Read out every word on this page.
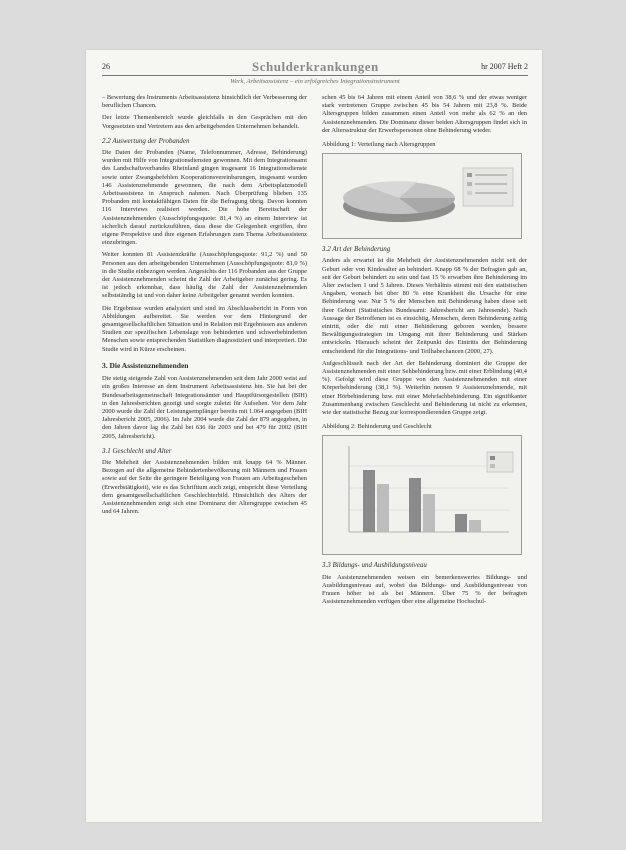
26	Schulderkrankungen	hr 2007 Heft 2
Werk, Arbeitsassistenz – ein erfolgreiches Integrationsinstrument

– Bewertung des Instruments Arbeitsassistenz hinsichtlich der Verbesserung der beruflichen Chancen.

Der letzte Themenbereich wurde gleichfalls in den Gesprächen mit den Vorgesetzten und Vertretern aus den arbeitgebenden Unternehmen behandelt.

2.2 Auswertung der Probanden

Die Daten der Probanden (Name, Telefonnummer, Adresse, Behinderung) wurden mit Hilfe von Integrationsdiensten gewonnen. Mit dem Integrationsamt des Landschaftsverbandes Rheinland gingen insgesamt 16 Integrationsdienste sowie unter Zwangsbefehlen Kooperationsvereinbarungen, insgesamt wurden 146 Assistenznehmende gewonnen, die nach dem Arbeitsplatzmodell Arbeitsassistenz in Anspruch nahmen. Nach Überprüfung blieben 135 Probanden mit kontaktfähigen Daten für die Befragung übrig. Davon konnten 116 Interviews realisiert werden. Die hohe Bereitschaft der Assistenznehmenden (Ausschöpfungsquote: 81,4 %) an einem Interview ist sicherlich darauf zurückzuführen, dass diese die Gelegenheit ergriffen, ihre eigene Perspektive und ihre eigenen Erfahrungen zum Thema Arbeitsassistenz einzubringen.

Weiter konnten 81 Assistenzkräfte (Ausschöpfungsquote: 91,2 %) und 50 Personen aus den arbeitgebenden Unternehmen (Ausschöpfungsquote: 81,0 %) in die Studie einbezogen werden. Angesichts der 116 Probanden aus der Gruppe der Assistenznehmenden scheint die Zahl der Arbeitgeber zunächst gering. Es ist jedoch erkennbar, dass häufig die Zahl der Assistenznehmenden selbstständig ist und von daher keine Arbeitgeber genannt werden konnten.

Die Ergebnisse wurden analysiert und sind im Abschlussbericht in Form von Abbildungen aufbereitet. Sie werden vor dem Hintergrund der gesamtgesellschaftlichen Situation und in Relation mit Ergebnissen aus anderen Studien zur spezifischen Lebenslage von behinderten und schwerbehinderten Menschen sowie entsprechenden Statistiken diagnostiziert und interpretiert. Die Studie wird in Kürze erscheinen.

3. Die Assistenznehmenden

Die stetig steigende Zahl von Assistenznehmenden seit dem Jahr 2000 weist auf ein großes Interesse an dem Instrument Arbeitsassistenz hin. Sie hat bei der Bundesarbeitsgemeinschaft Integrationsämter und Hauptfürsorgestellen (BIH) in den Jahresberichten gezeigt und sorgte zuletzt für Aufsehen. Vor dem Jahr 2000 wurde die Zahl der Leistungsempfänger bereits mit 1.064 angegeben (BIH Jahresbericht 2005, 2006). Im Jahr 2004 wurde die Zahl der 879 angegeben, in den Jahren davor lag die Zahl bei 636 für 2003 und bei 479 für 2002 (BIH 2005, Jahresbericht).

3.1 Geschlecht und Alter

Die Mehrheit der Assistenznehmenden bilden mit knapp 64 % Männer. Bezogen auf die allgemeine Behindertenbevölkerung mit Männern und Frauen sowie auf der Seite die geringere Beteiligung von Frauen am Arbeitsgeschehen (Erwerbstätigkeit), wie es das Schrifttum auch zeigt, entspricht diese Verteilung dem gesamtgesellschaftlichen Geschlechterbild. Hinsichtlich des Alters der Assistenznehmenden zeigt sich eine Dominanz der Altersgruppe zwischen 45 und 64 Jahren.

schen 45 bis 64 Jahren mit einem Anteil von 38,6 % und der etwas weniger stark vertretenen Gruppe zwischen 45 bis 54 Jahren mit 23,8 %. Beide Altersgruppen bilden zusammen einen Anteil von mehr als 62 % an den Assistenznehmenden. Die Dominanz dieser beiden Altersgruppen findet sich in der Altersstruktur der Erwerbspersonen ohne Behinderung wieder.

Abbildung 1: Verteilung nach Altersgruppen
3.2 Art der Behinderung

Anders als erwartet ist die Mehrheit der Assistenznehmenden nicht seit der Geburt oder von Kindesalter an behindert. Knapp 68 % der Befragten gab an, seit der Geburt behindert zu sein und fast 15 % erwarben ihre Behinderung im Alter zwischen 1 und 5 Jahren. Dieses Verhältnis stimmt mit den statistischen Angaben, wonach bei über 80 % eine Krankheit die Ursache für eine Behinderung war. Nur 5 % der Menschen mit Behinderung haben diese seit ihrer Geburt (Statistisches Bundesamt: Jahresbericht am Jahresende). Nach Aussage der Betroffenen ist es einsichtig, Menschen, deren Behinderung zeitig eintritt, oder die mit einer Behinderung geboren werden, bessere Bewältigungsstrategien im Umgang mit ihrer Behinderung und Stärken entwickeln. Hierauch scheint der Zeitpunkt des Eintritts der Behinderung entscheidend für die Integrations- und Teilhabechancen (2000, 27).

Aufgeschlüsselt nach der Art der Behinderung dominiert die Gruppe der Assistenznehmenden mit einer Sehbehinderung bzw. mit einer Erblindung (40,4 %). Gefolgt wird diese Gruppe von den Assistenznehmenden mit einer Körperbehinderung (38,1 %). Weiterhin nennen 9 Assistenznehmende, mit einer Hörbehinderung bzw. mit einer Mehrfachbehinderung. Ein signifikanter Zusammenhang zwischen Geschlecht und Behinderung ist nicht zu erkennen, wie der statistische Bezug zur korrespondierenden Gruppe zeigt.

Abbildung 2: Behinderung und Geschlecht
3.3 Bildungs- und Ausbildungsniveau

Die Assistenznehmenden weisen ein bemerkenswertes Bildungs- und Ausbildungsniveau auf, wobei das Bildungs- und Ausbildungsniveau von Frauen höher ist als bei Männern. Über 75 % der befragten Assistenznehmenden verfügen über eine allgemeine Hochschul-
